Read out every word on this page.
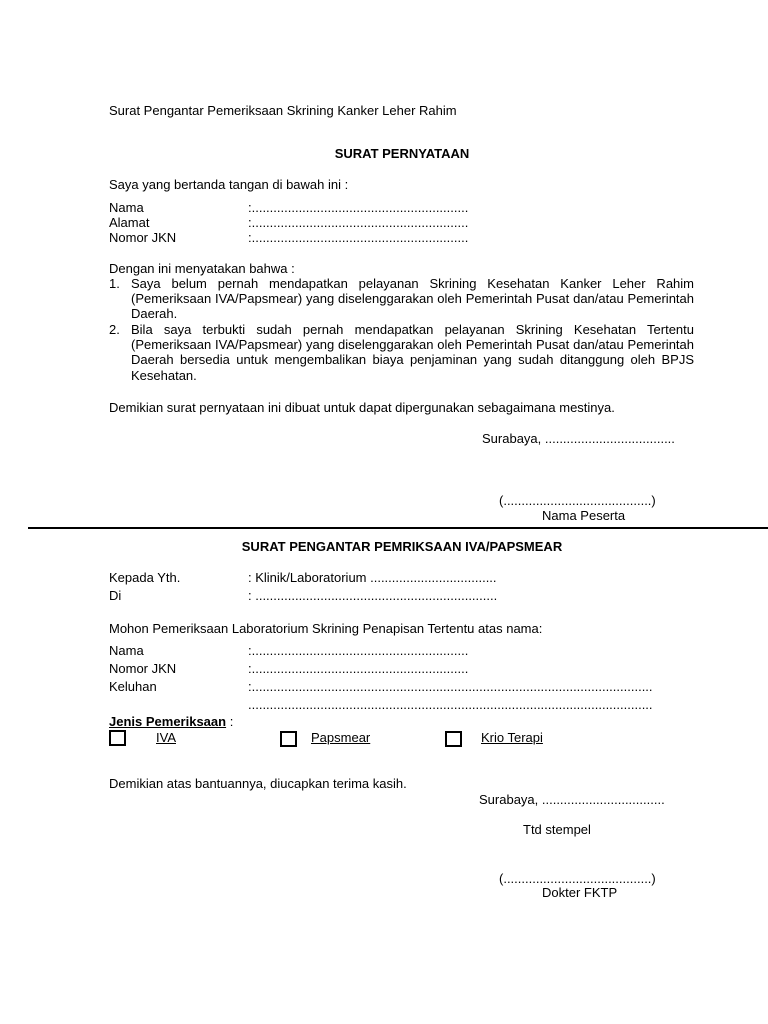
Surat Pengantar Pemeriksaan Skrining Kanker Leher Rahim
SURAT PERNYATAAN
Saya yang bertanda tangan di bawah ini :
Nama	:............................................................
Alamat	:............................................................
Nomor JKN	:............................................................
Dengan ini menyatakan bahwa :
1. Saya belum pernah mendapatkan pelayanan Skrining Kesehatan Kanker Leher Rahim (Pemeriksaan IVA/Papsmear) yang diselenggarakan oleh Pemerintah Pusat dan/atau Pemerintah Daerah.
2. Bila saya terbukti sudah pernah mendapatkan pelayanan Skrining Kesehatan Tertentu (Pemeriksaan IVA/Papsmear) yang diselenggarakan oleh Pemerintah Pusat dan/atau Pemerintah Daerah bersedia untuk mengembalikan biaya penjaminan yang sudah ditanggung oleh BPJS Kesehatan.
Demikian surat pernyataan ini dibuat untuk dapat dipergunakan sebagaimana mestinya.
Surabaya, ....................................
(.........................................)
Nama Peserta
SURAT PENGANTAR PEMRIKSAAN IVA/PAPSMEAR
Kepada Yth.	: Klinik/Laboratorium ...................................
Di	: ...................................................................
Mohon Pemeriksaan Laboratorium Skrining Penapisan Tertentu atas nama:
Nama	:............................................................
Nomor JKN	:............................................................
Keluhan	:...............................................................................................................
................................................................................................................
Jenis Pemeriksaan :
IVA	Papsmear	Krio Terapi
Demikian atas bantuannya, diucapkan terima kasih.
Surabaya, ..................................
Ttd stempel
(.........................................)
Dokter FKTP
